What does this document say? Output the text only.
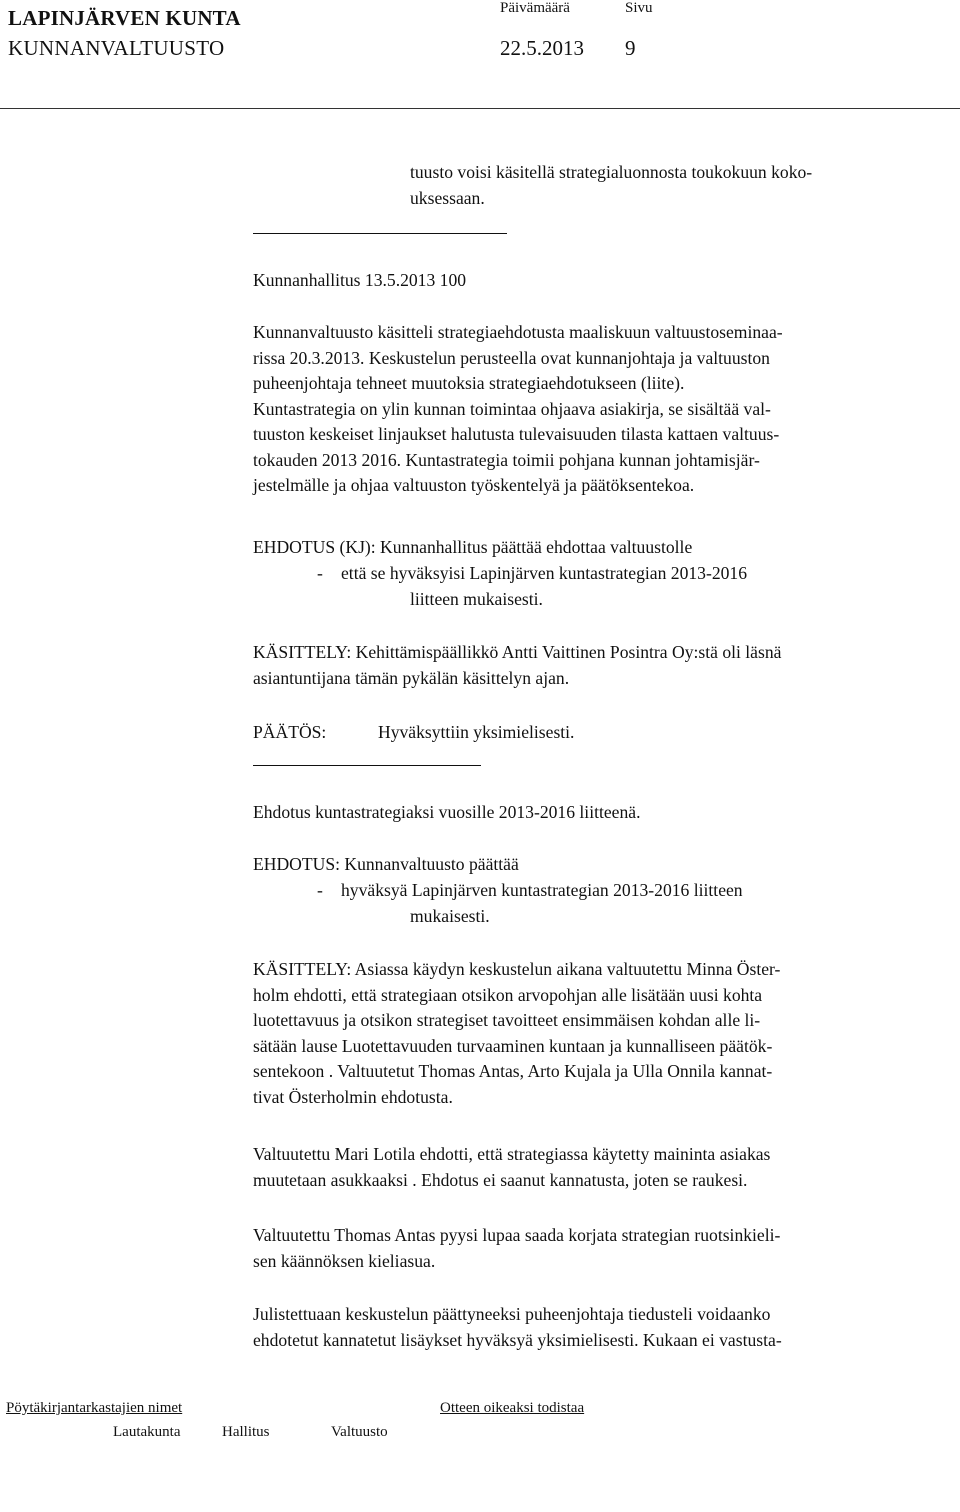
LAPINJÄRVEN KUNTA
KUNNANVALTUUSTO
Päivämäärä	Sivu
22.5.2013 9
tuusto voisi käsitellä strategialuonnosta toukokuun koko-
uksessaan.
Kunnanhallitus 13.5.2013 100
Kunnanvaltuusto käsitteli strategiaehdotusta maaliskuun valtuustoseminaa-
rissa 20.3.2013. Keskustelun perusteella ovat kunnanjohtaja ja valtuuston
puheenjohtaja tehneet muutoksia strategiaehdotukseen (liite).
Kuntastrategia on ylin kunnan toimintaa ohjaava asiakirja, se sisältää val-
tuuston keskeiset linjaukset halutusta tulevaisuuden tilasta kattaen valtuus-
tokauden 2013 2016. Kuntastrategia toimii pohjana kunnan johtamisjär-
jestelmälle ja ohjaa valtuuston työskentelyä ja päätöksentekoa.
EHDOTUS (KJ): Kunnanhallitus päättää ehdottaa valtuustolle
- että se hyväksyisi Lapinjärven kuntastrategian 2013-2016
liitteen mukaisesti.
KÄSITTELY: Kehittämispäällikkö Antti Vaittinen Posintra Oy:stä oli läsnä
asiantuntijana tämän pykälän käsittelyn ajan.
PÄÄTÖS:	Hyväksyttiin yksimielisesti.
Ehdotus kuntastrategiaksi vuosille 2013-2016 liitteenä.
EHDOTUS: Kunnanvaltuusto päättää
- hyväksyä Lapinjärven kuntastrategian 2013-2016 liitteen
mukaisesti.
KÄSITTELY: Asiassa käydyn keskustelun aikana valtuutettu Minna Öster-
holm ehdotti, että strategiaan otsikon arvopohjan alle lisätään uusi kohta
luotettavuus ja otsikon strategiset tavoitteet ensimmäisen kohdan alle li-
sätään lause Luotettavuuden turvaaminen kuntaan ja kunnalliseen päätök-
sentekoon . Valtuutetut Thomas Antas, Arto Kujala ja Ulla Onnila kannat-
tivat Österholmin ehdotusta.
Valtuutettu Mari Lotila ehdotti, että strategiassa käytetty maininta asiakas
muutetaan asukkaaksi . Ehdotus ei saanut kannatusta, joten se raukesi.
Valtuutettu Thomas Antas pyysi lupaa saada korjata strategian ruotsinkieli-
sen käännöksen kieliasua.
Julistettuaan keskustelun päättyneeksi puheenjohtaja tiedusteli voidaanko
ehdotetut kannatetut lisäykset hyväksyä yksimielisesti. Kukaan ei vastusta-
Pöytäkirjantarkastajien nimet	Otteen oikeaksi todistaa
Lautakunta	Hallitus	Valtuusto
